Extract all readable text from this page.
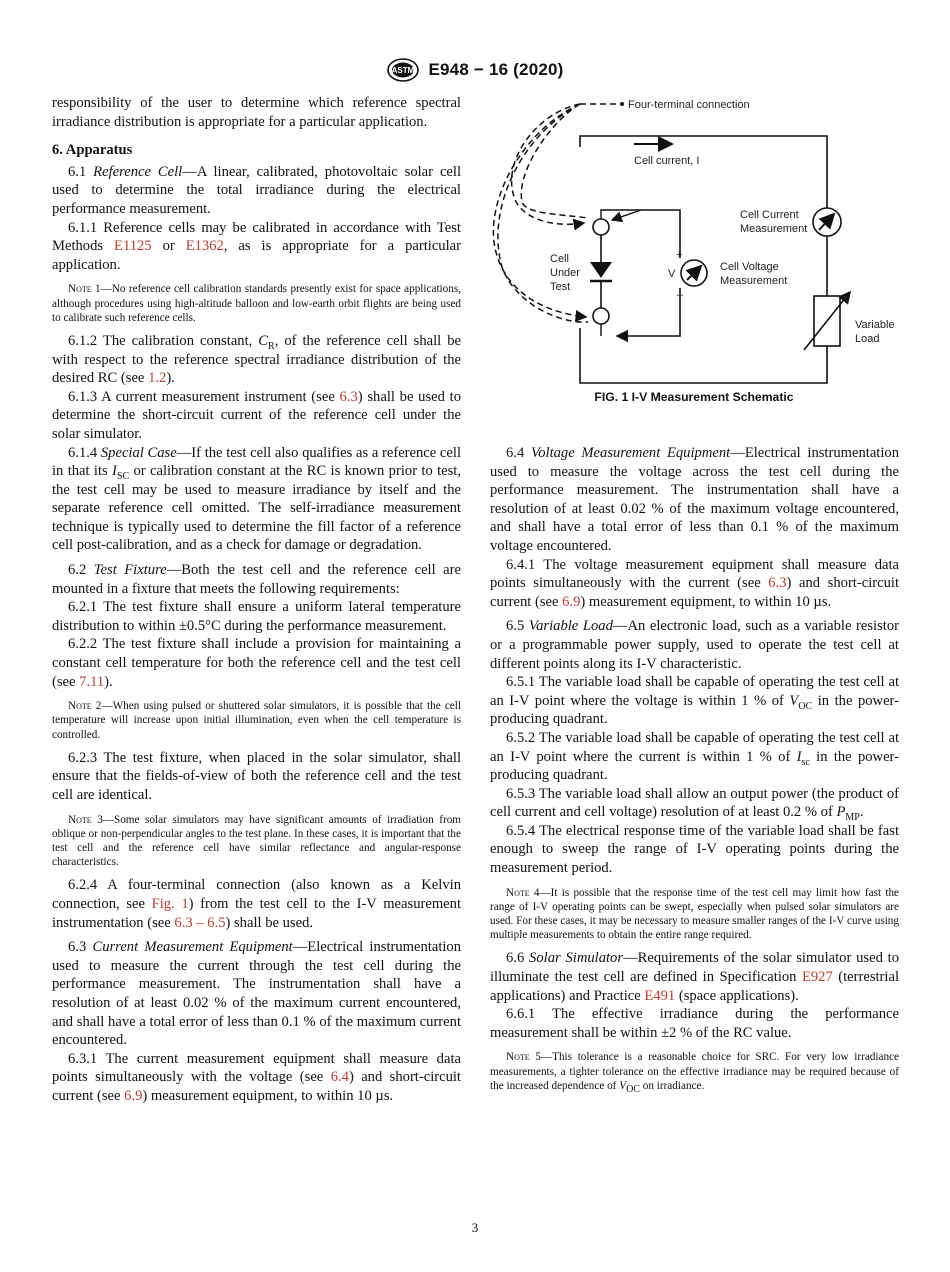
ASTM E948 − 16 (2020)

responsibility of the user to determine which reference spectral irradiance distribution is appropriate for a particular application.

6. Apparatus

6.1 Reference Cell—A linear, calibrated, photovoltaic solar cell used to determine the total irradiance during the electrical performance measurement.

6.1.1 Reference cells may be calibrated in accordance with Test Methods E1125 or E1362, as is appropriate for a particular application.

Note 1—No reference cell calibration standards presently exist for space applications, although procedures using high-altitude balloon and low-earth orbit flights are being used to calibrate such reference cells.

6.1.2 The calibration constant, $C_R$, of the reference cell shall be with respect to the reference spectral irradiance distribution of the desired RC (see 1.2).

6.1.3 A current measurement instrument (see 6.3) shall be used to determine the short-circuit current of the reference cell under the solar simulator.

6.1.4 Special Case—If the test cell also qualifies as a reference cell in that its $I_{SC}$ or calibration constant at the RC is known prior to test, the test cell may be used to measure irradiance by itself and the separate reference cell omitted. The self-irradiance measurement technique is typically used to determine the fill factor of a reference cell post-calibration, and as a check for damage or degradation.

6.2 Test Fixture—Both the test cell and the reference cell are mounted in a fixture that meets the following requirements:

6.2.1 The test fixture shall ensure a uniform lateral temperature distribution to within ±0.5°C during the performance measurement.

6.2.2 The test fixture shall include a provision for maintaining a constant cell temperature for both the reference cell and the test cell (see 7.11).

Note 2—When using pulsed or shuttered solar simulators, it is possible that the cell temperature will increase upon initial illumination, even when the cell temperature is controlled.

6.2.3 The test fixture, when placed in the solar simulator, shall ensure that the fields-of-view of both the reference cell and the test cell are identical.

Note 3—Some solar simulators may have significant amounts of irradiation from oblique or non-perpendicular angles to the test plane. In these cases, it is important that the test cell and the reference cell have similar reflectance and angular-response characteristics.

6.2.4 A four-terminal connection (also known as a Kelvin connection, see Fig. 1) from the test cell to the I-V measurement instrumentation (see 6.3 – 6.5) shall be used.

6.3 Current Measurement Equipment—Electrical instrumentation used to measure the current through the test cell during the performance measurement. The instrumentation shall have a resolution of at least 0.02 % of the maximum current encountered, and shall have a total error of less than 0.1 % of the maximum current encountered.

6.3.1 The current measurement equipment shall measure data points simultaneously with the voltage (see 6.4) and short-circuit current (see 6.9) measurement equipment, to within 10 µs.

Four-terminal connection
Cell current, I
Cell
Under
Test
+
V
–
Cell Voltage
Measurement
Cell Current
Measurement
Variable
Load
FIG. 1 I-V Measurement Schematic

6.4 Voltage Measurement Equipment—Electrical instrumentation used to measure the voltage across the test cell during the performance measurement. The instrumentation shall have a resolution of at least 0.02 % of the maximum voltage encountered, and shall have a total error of less than 0.1 % of the maximum voltage encountered.

6.4.1 The voltage measurement equipment shall measure data points simultaneously with the current (see 6.3) and short-circuit current (see 6.9) measurement equipment, to within 10 µs.

6.5 Variable Load—An electronic load, such as a variable resistor or a programmable power supply, used to operate the test cell at different points along its I-V characteristic.

6.5.1 The variable load shall be capable of operating the test cell at an I-V point where the voltage is within 1 % of $V_{OC}$ in the power-producing quadrant.

6.5.2 The variable load shall be capable of operating the test cell at an I-V point where the current is within 1 % of $I_{sc}$ in the power-producing quadrant.

6.5.3 The variable load shall allow an output power (the product of cell current and cell voltage) resolution of at least 0.2 % of $P_{MP}$.

6.5.4 The electrical response time of the variable load shall be fast enough to sweep the range of I-V operating points during the measurement period.

Note 4—It is possible that the response time of the test cell may limit how fast the range of I-V operating points can be swept, especially when pulsed solar simulators are used. For these cases, it may be necessary to measure smaller ranges of the I-V curve using multiple measurements to obtain the entire range required.

6.6 Solar Simulator—Requirements of the solar simulator used to illuminate the test cell are defined in Specification E927 (terrestrial applications) and Practice E491 (space applications).

6.6.1 The effective irradiance during the performance measurement shall be within ±2 % of the RC value.

Note 5—This tolerance is a reasonable choice for SRC. For very low irradiance measurements, a tighter tolerance on the effective irradiance may be required because of the increased dependence of $V_{OC}$ on irradiance.

3
